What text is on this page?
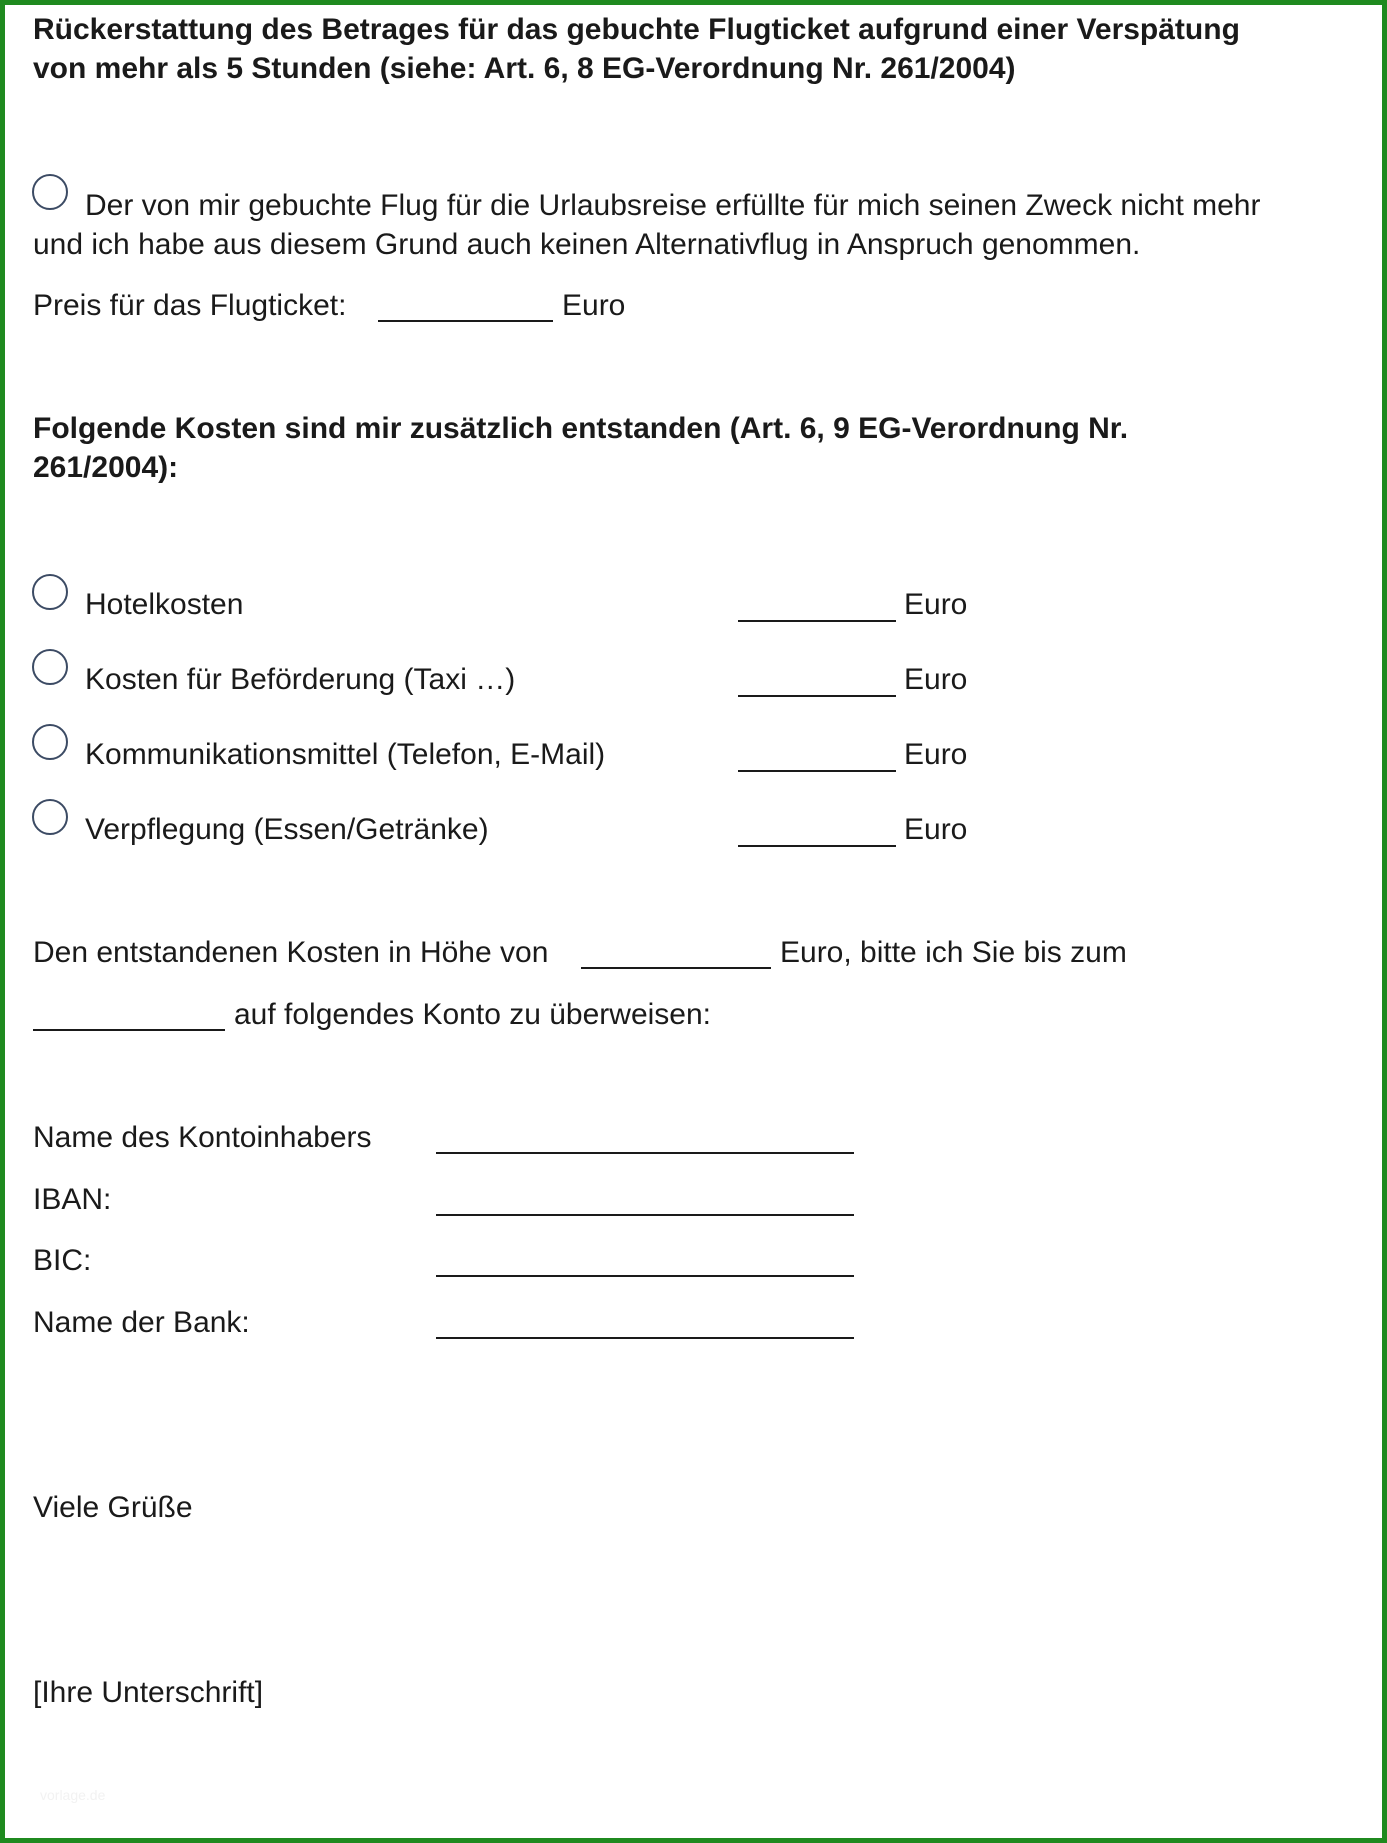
Rückerstattung des Betrages für das gebuchte Flugticket aufgrund einer Verspätung
von mehr als 5 Stunden (siehe: Art. 6, 8 EG-Verordnung Nr. 261/2004)
Der von mir gebuchte Flug für die Urlaubsreise erfüllte für mich seinen Zweck nicht mehr
und ich habe aus diesem Grund auch keinen Alternativflug in Anspruch genommen.
Preis für das Flugticket:	Euro
Folgende Kosten sind mir zusätzlich entstanden (Art. 6, 9 EG-Verordnung Nr.
261/2004):
Hotelkosten	Euro
Kosten für Beförderung (Taxi …)	Euro
Kommunikationsmittel (Telefon, E-Mail)	Euro
Verpflegung (Essen/Getränke)	Euro
Den entstandenen Kosten in Höhe von	Euro, bitte ich Sie bis zum
auf folgendes Konto zu überweisen:
Name des Kontoinhabers
IBAN:
BIC:
Name der Bank:
Viele Grüße
[Ihre Unterschrift]
vorlage.de
